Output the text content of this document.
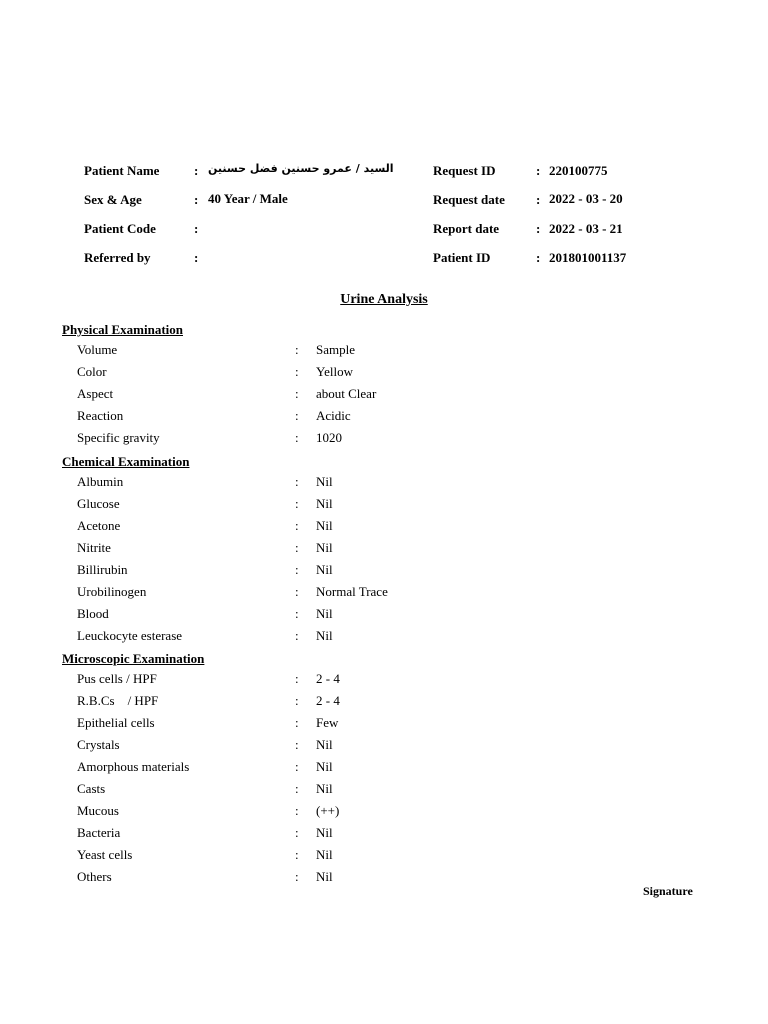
Patient Name	: السيد / عمرو حسنين فضل حسنين
Sex & Age	: 40 Year / Male
Patient Code	:
Referred by	:
Request ID	: 220100775
Request date : 2022 - 03 - 20
Report date	: 2022 - 03 - 21
Patient ID	: 201801001137
Urine Analysis
Physical Examination
Volume	: Sample
Color	: Yellow
Aspect	: about Clear
Reaction	: Acidic
Specific gravity	: 1020
Chemical Examination
Albumin	: Nil
Glucose	: Nil
Acetone	: Nil
Nitrite	: Nil
Billirubin	: Nil
Urobilinogen	: Normal Trace
Blood	: Nil
Leuckocyte esterase	: Nil
Microscopic Examination
Pus cells / HPF	: 2 - 4
R.B.Cs    / HPF	: 2 - 4
Epithelial cells	: Few
Crystals	: Nil
Amorphous materials	: Nil
Casts	: Nil
Mucous	: (++)
Bacteria	: Nil
Yeast cells	: Nil
Others	: Nil
Signature
